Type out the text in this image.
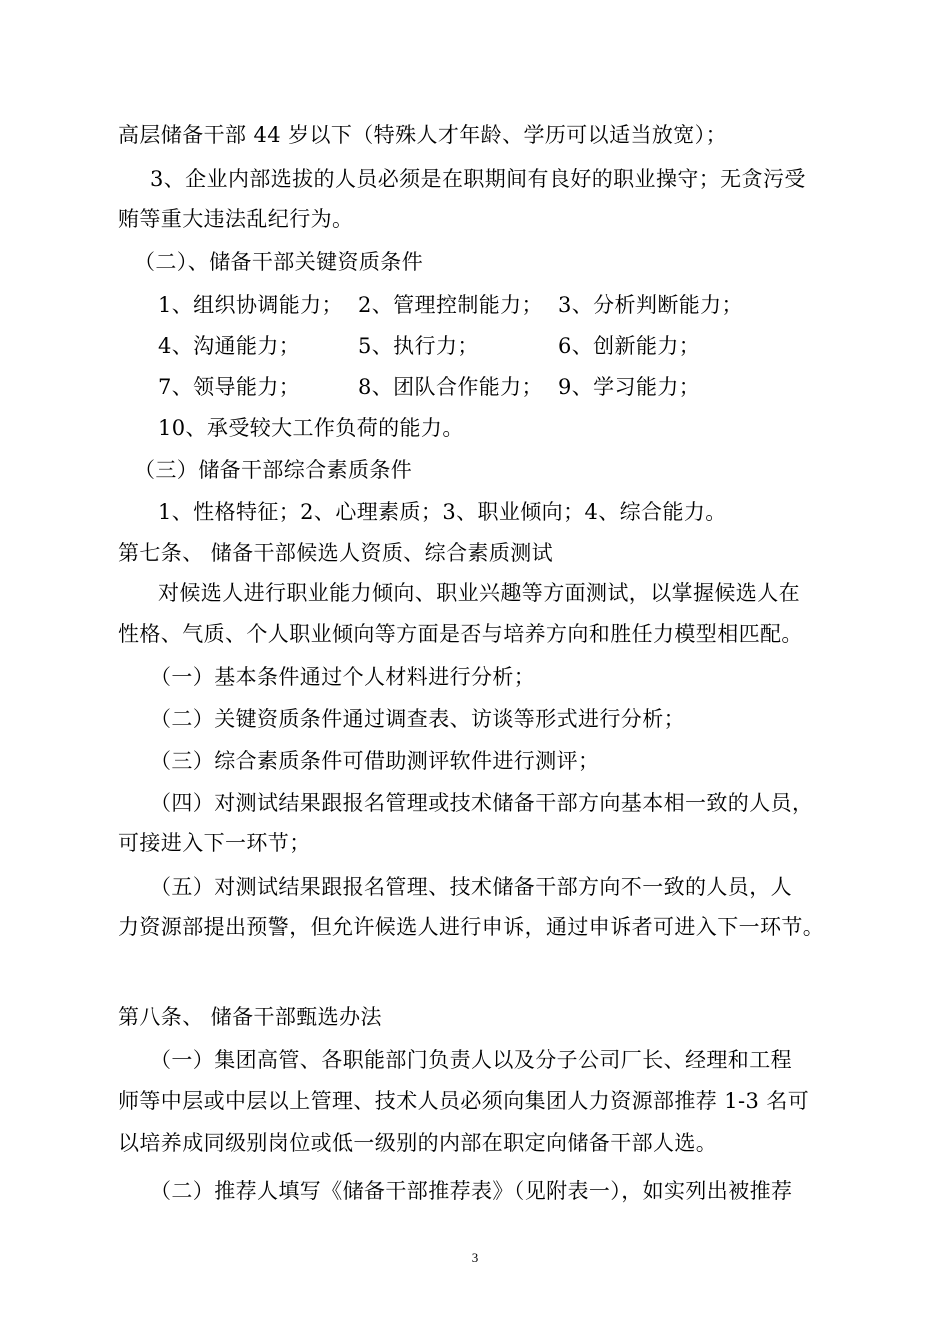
高层储备干部 44 岁以下（特殊人才年龄、学历可以适当放宽）；
3、企业内部选拔的人员必须是在职期间有良好的职业操守；无贪污受
贿等重大违法乱纪行为。
（二）、储备干部关键资质条件
1、组织协调能力； 2、管理控制能力； 3、分析判断能力；
4、沟通能力；	5、执行力；	6、创新能力；
7、领导能力；	8、团队合作能力； 9、学习能力；
10、承受较大工作负荷的能力。
（三）储备干部综合素质条件
1、性格特征；2、心理素质；3、职业倾向；4、综合能力。
第七条、 储备干部候选人资质、综合素质测试
对候选人进行职业能力倾向、职业兴趣等方面测试，以掌握候选人在
性格、气质、个人职业倾向等方面是否与培养方向和胜任力模型相匹配。
（一）基本条件通过个人材料进行分析；
（二）关键资质条件通过调查表、访谈等形式进行分析；
（三）综合素质条件可借助测评软件进行测评；
（四）对测试结果跟报名管理或技术储备干部方向基本相一致的人员，
可接进入下一环节；
（五）对测试结果跟报名管理、技术储备干部方向不一致的人员，人
力资源部提出预警，但允许候选人进行申诉，通过申诉者可进入下一环节。
第八条、 储备干部甄选办法
（一）集团高管、各职能部门负责人以及分子公司厂长、经理和工程
师等中层或中层以上管理、技术人员必须向集团人力资源部推荐 1-3 名可
以培养成同级别岗位或低一级别的内部在职定向储备干部人选。
（二）推荐人填写《储备干部推荐表》（见附表一），如实列出被推荐
3
